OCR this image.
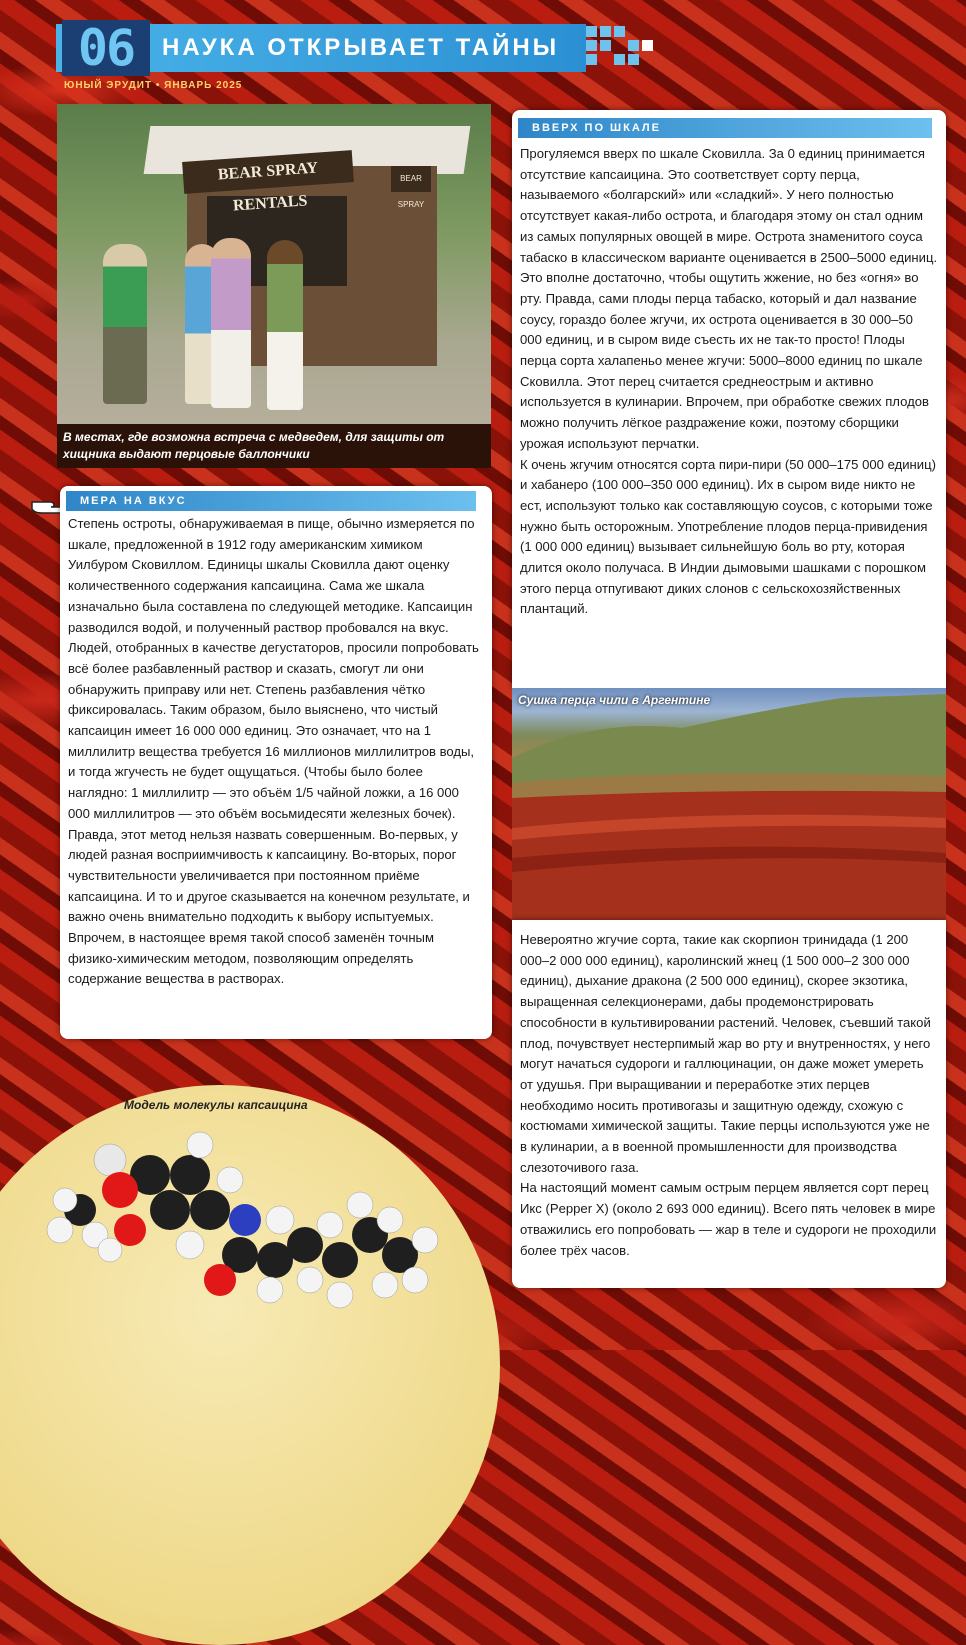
06	НАУКА ОТКРЫВАЕТ ТАЙНЫ
ЮНЫЙ ЭРУДИТ • ЯНВАРЬ 2025
BEAR SPRAY RENTALS
BEAR SPRAY
В местах, где возможна встреча с медведем, для защиты от хищника выдают перцовые баллончики
МЕРА НА ВКУС

Степень остроты, обнаруживаемая в пище, обычно измеряется по шкале, предложенной в 1912 году американским химиком Уилбуром Сковиллом. Единицы шкалы Сковилла дают оценку количественного содержания капсаицина. Сама же шкала изначально была составлена по следующей методике. Капсаицин разводился водой, и полученный раствор пробовался на вкус. Людей, отобранных в качестве дегустаторов, просили попробовать всё более разбавленный раствор и сказать, смогут ли они обнаружить приправу или нет. Степень разбавления чётко фиксировалась. Таким образом, было выяснено, что чистый капсаицин имеет 16 000 000 единиц. Это означает, что на 1 миллилитр вещества требуется 16 миллионов миллилитров воды, и тогда жгучесть не будет ощущаться. (Чтобы было более наглядно: 1 миллилитр — это объём 1/5 чайной ложки, а 16 000 000 миллилитров — это объём восьмидесяти железных бочек). Правда, этот метод нельзя назвать совершенным. Во-первых, у людей разная восприимчивость к капсаицину. Во-вторых, порог чувствительности увеличивается при постоянном приёме капсаицина. И то и другое сказывается на конечном результате, и важно очень внимательно подходить к выбору испытуемых.

Впрочем, в настоящее время такой способ заменён точным физико-химическим методом, позволяющим определять содержание вещества в растворах.

ВВЕРХ ПО ШКАЛЕ

Прогуляемся вверх по шкале Сковилла. За 0 единиц принимается отсутствие капсаицина. Это соответствует сорту перца, называемого «болгарский» или «сладкий». У него полностью отсутствует какая-либо острота, и благодаря этому он стал одним из самых популярных овощей в мире. Острота знаменитого соуса табаско в классическом варианте оценивается в 2500–5000 единиц. Это вполне достаточно, чтобы ощутить жжение, но без «огня» во рту. Правда, сами плоды перца табаско, который и дал название соусу, гораздо более жгучи, их острота оценивается в 30 000–50 000 единиц, и в сыром виде съесть их не так-то просто! Плоды перца сорта халапеньо менее жгучи: 5000–8000 единиц по шкале Сковилла. Этот перец считается среднеострым и активно используется в кулинарии. Впрочем, при обработке свежих плодов можно получить лёгкое раздражение кожи, поэтому сборщики урожая используют перчатки.

К очень жгучим относятся сорта пири-пири (50 000–175 000 единиц) и хабанеро (100 000–350 000 единиц). Их в сыром виде никто не ест, используют только как составляющую соусов, с которыми тоже нужно быть осторожным. Употребление плодов перца-привидения (1 000 000 единиц) вызывает сильнейшую боль во рту, которая длится около получаса. В Индии дымовыми шашками с порошком этого перца отпугивают диких слонов с сельскохозяйственных плантаций.

Сушка перца чили в Аргентине

Невероятно жгучие сорта, такие как скорпион тринидада (1 200 000–2 000 000 единиц), каролинский жнец (1 500 000–2 300 000 единиц), дыхание дракона (2 500 000 единиц), скорее экзотика, выращенная селекционерами, дабы продемонстрировать способности в культивировании растений. Человек, съевший такой плод, почувствует нестерпимый жар во рту и внутренностях, у него могут начаться судороги и галлюцинации, он даже может умереть от удушья. При выращивании и переработке этих перцев необходимо носить противогазы и защитную одежду, схожую с костюмами химической защиты. Такие перцы используются уже не в кулинарии, а в военной промышленности для производства слезоточивого газа.

На настоящий момент самым острым перцем является сорт перец Икс (Pepper X) (около 2 693 000 единиц). Всего пять человек в мире отважились его попробовать — жар в теле и судороги не проходили более трёх часов.

Модель молекулы капсаицина
